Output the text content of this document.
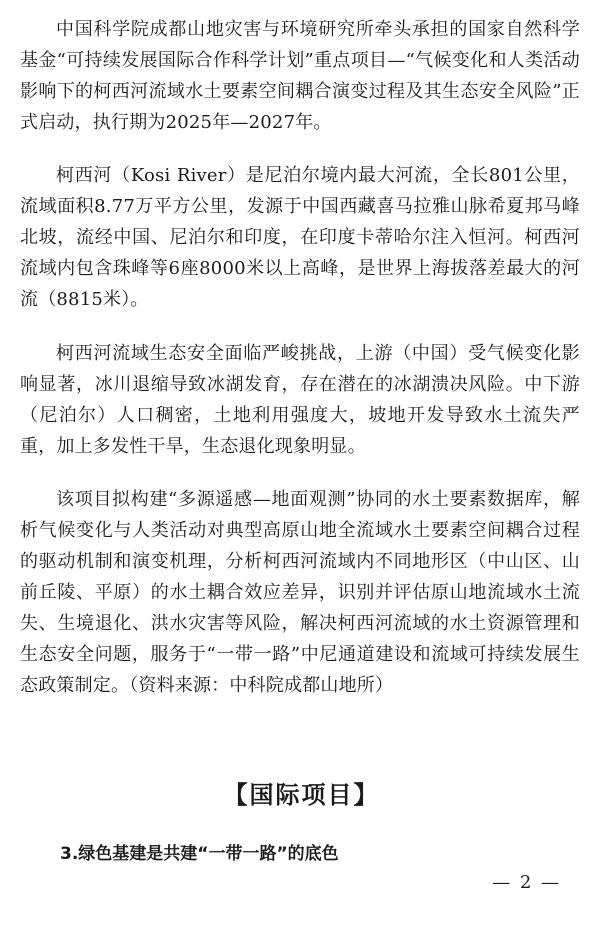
中国科学院成都山地灾害与环境研究所牵头承担的国家自然科学基金“可持续发展国际合作科学计划”重点项目—“气候变化和人类活动影响下的柯西河流域水土要素空间耦合演变过程及其生态安全风险”正式启动，执行期为2025年—2027年。

柯西河（Kosi River）是尼泊尔境内最大河流，全长801公里，流域面积8.77万平方公里，发源于中国西藏喜马拉雅山脉希夏邦马峰北坡，流经中国、尼泊尔和印度，在印度卡蒂哈尔注入恒河。柯西河流域内包含珠峰等6座8000米以上高峰，是世界上海拔落差最大的河流（8815米）。

柯西河流域生态安全面临严峻挑战，上游（中国）受气候变化影响显著，冰川退缩导致冰湖发育，存在潜在的冰湖溃决风险。中下游（尼泊尔）人口稠密，土地利用强度大，坡地开发导致水土流失严重，加上多发性干旱，生态退化现象明显。

该项目拟构建“多源遥感—地面观测”协同的水土要素数据库，解析气候变化与人类活动对典型高原山地全流域水土要素空间耦合过程的驱动机制和演变机理，分析柯西河流域内不同地形区（中山区、山前丘陵、平原）的水土耦合效应差异，识别并评估原山地流域水土流失、生境退化、洪水灾害等风险，解决柯西河流域的水土资源管理和生态安全问题，服务于“一带一路”中尼通道建设和流域可持续发展生态政策制定。（资料来源：中科院成都山地所）

【国际项目】
3.绿色基建是共建“一带一路”的底色
— 2 —
